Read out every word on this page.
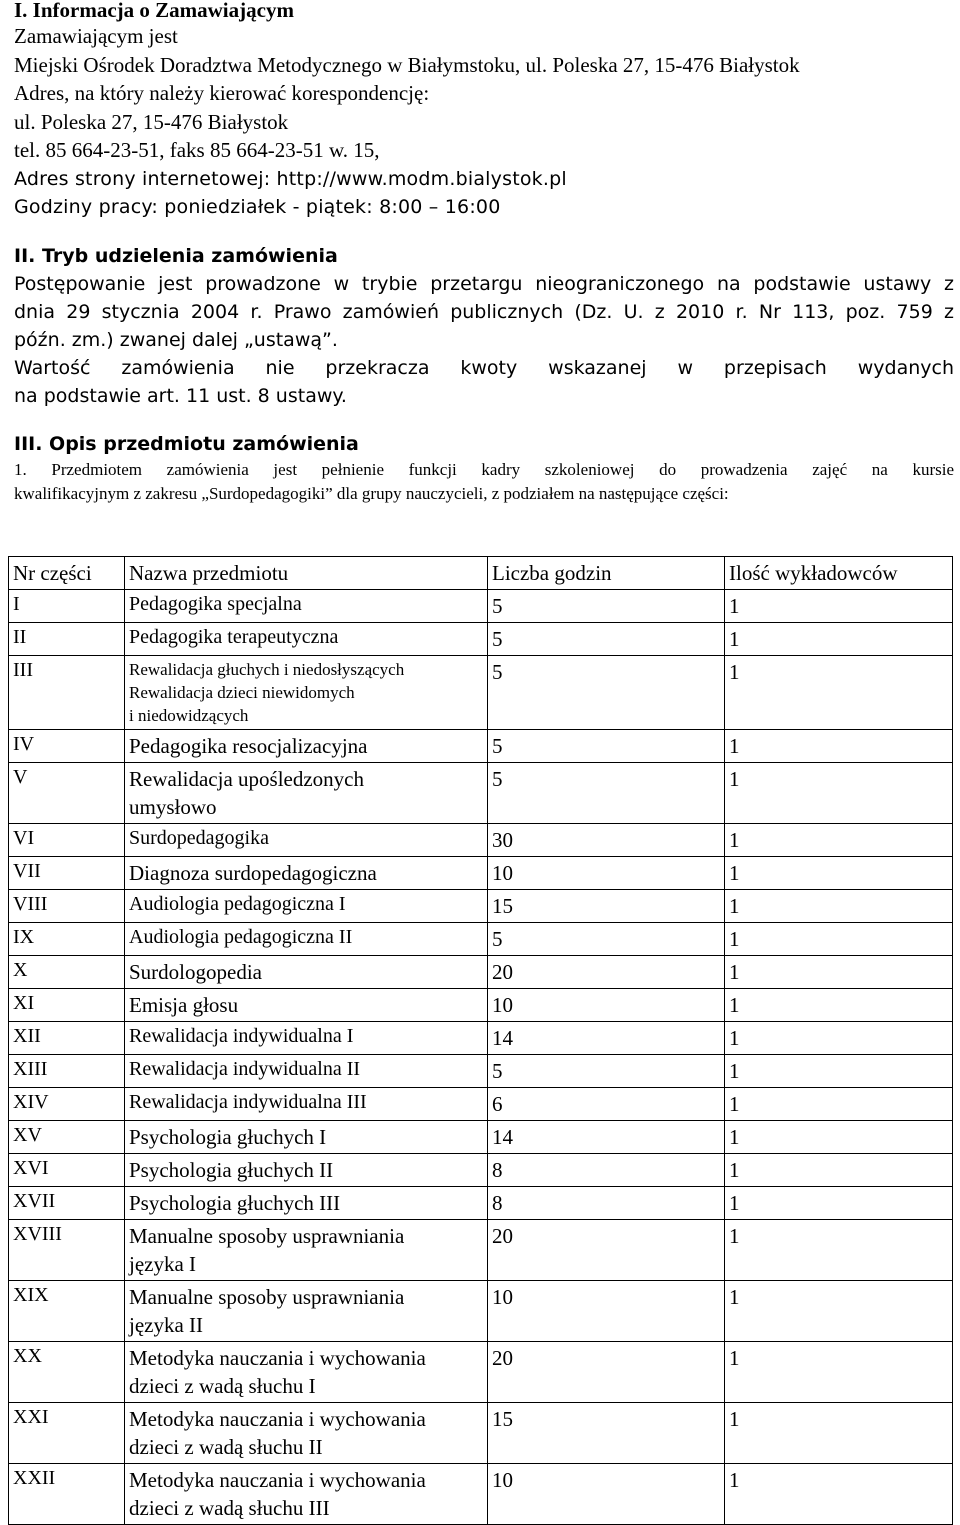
I. Informacja o Zamawiającym
Zamawiającym jest
Miejski Ośrodek Doradztwa Metodycznego w Białymstoku, ul. Poleska 27, 15-476 Białystok
Adres, na który należy kierować korespondencję:
ul. Poleska 27, 15-476 Białystok
tel. 85 664-23-51, faks 85 664-23-51 w. 15,
Adres strony internetowej: http://www.modm.bialystok.pl
Godziny pracy: poniedziałek - piątek: 8:00 – 16:00
II. Tryb udzielenia zamówienia
Postępowanie jest prowadzone w trybie przetargu nieograniczonego na podstawie ustawy z
dnia 29 stycznia 2004 r. Prawo zamówień publicznych (Dz. U. z 2010 r. Nr 113, poz. 759 z
późn. zm.) zwanej dalej „ustawą”.
Wartość zamówienia nie przekracza kwoty wskazanej w przepisach wydanych
na podstawie art. 11 ust. 8 ustawy.
III. Opis przedmiotu zamówienia
1. Przedmiotem zamówienia jest pełnienie funkcji kadry szkoleniowej do prowadzenia zajęć na kursie
kwalifikacyjnym z zakresu „Surdopedagogiki” dla grupy nauczycieli, z podziałem na następujące części:
Nr części	Nazwa przedmiotu	Liczba godzin	Ilość wykładowców
I	Pedagogika specjalna	5	1
II	Pedagogika terapeutyczna	5	1
III	Rewalidacja głuchych i niedosłyszących
Rewalidacja dzieci niewidomych
i niedowidzących	5	1
IV	Pedagogika resocjalizacyjna	5	1
V	Rewalidacja upośledzonych
umysłowo	5	1
VI	Surdopedagogika	30	1
VII	Diagnoza surdopedagogiczna	10	1
VIII	Audiologia pedagogiczna I	15	1
IX	Audiologia pedagogiczna II	5	1
X	Surdologopedia	20	1
XI	Emisja głosu	10	1
XII	Rewalidacja indywidualna I	14	1
XIII	Rewalidacja indywidualna II	5	1
XIV	Rewalidacja indywidualna III	6	1
XV	Psychologia głuchych I	14	1
XVI	Psychologia głuchych II	8	1
XVII	Psychologia głuchych III	8	1
XVIII	Manualne sposoby usprawniania
języka I	20	1
XIX	Manualne sposoby usprawniania
języka II	10	1
XX	Metodyka nauczania i wychowania
dzieci z wadą słuchu I	20	1
XXI	Metodyka nauczania i wychowania
dzieci z wadą słuchu II	15	1
XXII	Metodyka nauczania i wychowania
dzieci z wadą słuchu III	10	1
